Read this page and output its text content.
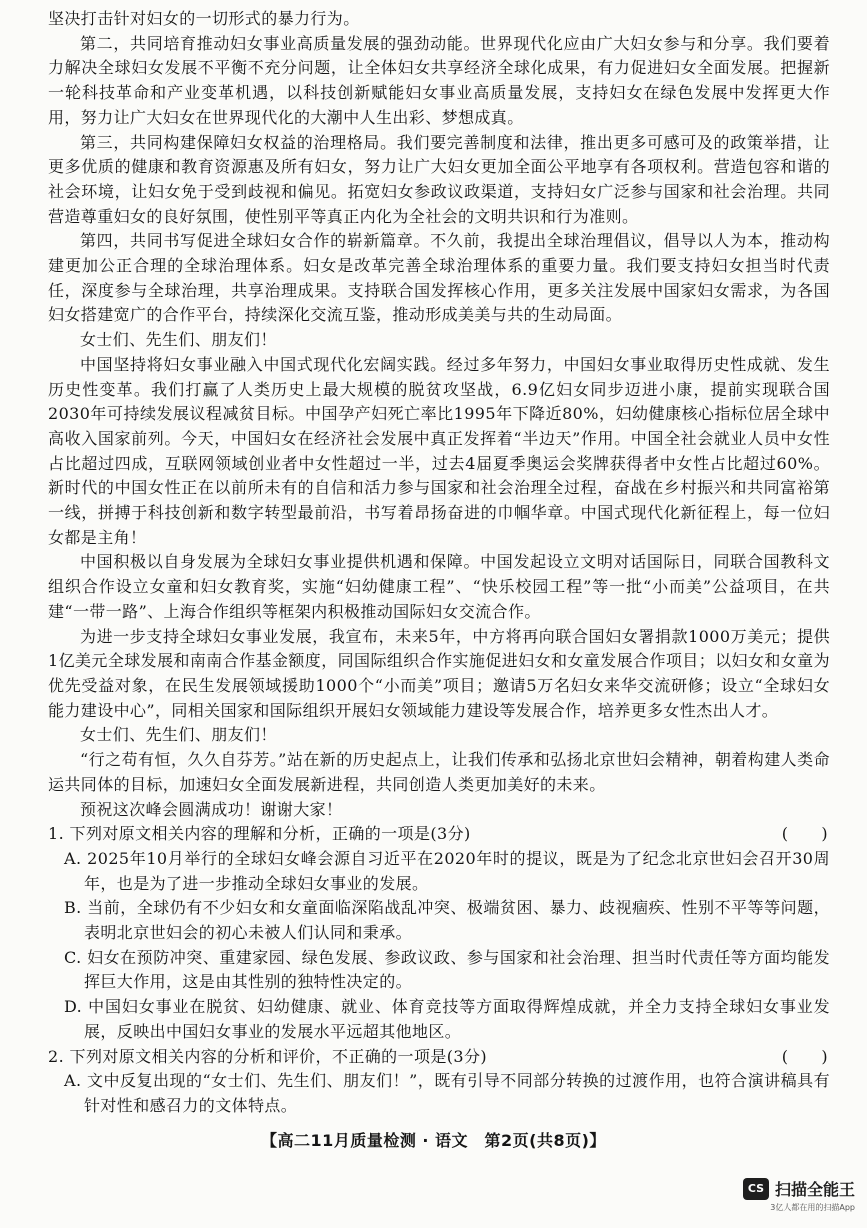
坚决打击针对妇女的一切形式的暴力行为。

第二，共同培育推动妇女事业高质量发展的强劲动能。世界现代化应由广大妇女参与和分享。我们要着力解决全球妇女发展不平衡不充分问题，让全体妇女共享经济全球化成果，有力促进妇女全面发展。把握新一轮科技革命和产业变革机遇，以科技创新赋能妇女事业高质量发展，支持妇女在绿色发展中发挥更大作用，努力让广大妇女在世界现代化的大潮中人生出彩、梦想成真。

第三，共同构建保障妇女权益的治理格局。我们要完善制度和法律，推出更多可感可及的政策举措，让更多优质的健康和教育资源惠及所有妇女，努力让广大妇女更加全面公平地享有各项权利。营造包容和谐的社会环境，让妇女免于受到歧视和偏见。拓宽妇女参政议政渠道，支持妇女广泛参与国家和社会治理。共同营造尊重妇女的良好氛围，使性别平等真正内化为全社会的文明共识和行为准则。

第四，共同书写促进全球妇女合作的崭新篇章。不久前，我提出全球治理倡议，倡导以人为本，推动构建更加公正合理的全球治理体系。妇女是改革完善全球治理体系的重要力量。我们要支持妇女担当时代责任，深度参与全球治理，共享治理成果。支持联合国发挥核心作用，更多关注发展中国家妇女需求，为各国妇女搭建宽广的合作平台，持续深化交流互鉴，推动形成美美与共的生动局面。

女士们、先生们、朋友们！

中国坚持将妇女事业融入中国式现代化宏阔实践。经过多年努力，中国妇女事业取得历史性成就、发生历史性变革。我们打赢了人类历史上最大规模的脱贫攻坚战，6.9亿妇女同步迈进小康，提前实现联合国2030年可持续发展议程减贫目标。中国孕产妇死亡率比1995年下降近80%，妇幼健康核心指标位居全球中高收入国家前列。今天，中国妇女在经济社会发展中真正发挥着“半边天”作用。中国全社会就业人员中女性占比超过四成，互联网领域创业者中女性超过一半，过去4届夏季奥运会奖牌获得者中女性占比超过60%。新时代的中国女性正在以前所未有的自信和活力参与国家和社会治理全过程，奋战在乡村振兴和共同富裕第一线，拼搏于科技创新和数字转型最前沿，书写着昂扬奋进的巾帼华章。中国式现代化新征程上，每一位妇女都是主角！

中国积极以自身发展为全球妇女事业提供机遇和保障。中国发起设立文明对话国际日，同联合国教科文组织合作设立女童和妇女教育奖，实施“妇幼健康工程”、“快乐校园工程”等一批“小而美”公益项目，在共建“一带一路”、上海合作组织等框架内积极推动国际妇女交流合作。

为进一步支持全球妇女事业发展，我宣布，未来5年，中方将再向联合国妇女署捐款1000万美元；提供1亿美元全球发展和南南合作基金额度，同国际组织合作实施促进妇女和女童发展合作项目；以妇女和女童为优先受益对象，在民生发展领域援助1000个“小而美”项目；邀请5万名妇女来华交流研修；设立“全球妇女能力建设中心”，同相关国家和国际组织开展妇女领域能力建设等发展合作，培养更多女性杰出人才。

女士们、先生们、朋友们！

“行之苟有恒，久久自芬芳。”站在新的历史起点上，让我们传承和弘扬北京世妇会精神，朝着构建人类命运共同体的目标，加速妇女全面发展新进程，共同创造人类更加美好的未来。

预祝这次峰会圆满成功！谢谢大家！

1. 下列对原文相关内容的理解和分析，正确的一项是(3分)	(      )

A. 2025年10月举行的全球妇女峰会源自习近平在2020年时的提议，既是为了纪念北京世妇会召开30周年，也是为了进一步推动全球妇女事业的发展。

B. 当前，全球仍有不少妇女和女童面临深陷战乱冲突、极端贫困、暴力、歧视痼疾、性别不平等等问题，表明北京世妇会的初心未被人们认同和秉承。

C. 妇女在预防冲突、重建家园、绿色发展、参政议政、参与国家和社会治理、担当时代责任等方面均能发挥巨大作用，这是由其性别的独特性决定的。

D. 中国妇女事业在脱贫、妇幼健康、就业、体育竞技等方面取得辉煌成就，并全力支持全球妇女事业发展，反映出中国妇女事业的发展水平远超其他地区。

2. 下列对原文相关内容的分析和评价，不正确的一项是(3分)	(      )

A. 文中反复出现的“女士们、先生们、朋友们！”，既有引导不同部分转换的过渡作用，也符合演讲稿具有针对性和感召力的文体特点。

【高二11月质量检测 · 语文　第2页(共8页)】
CS 扫描全能王
3亿人都在用的扫描App
